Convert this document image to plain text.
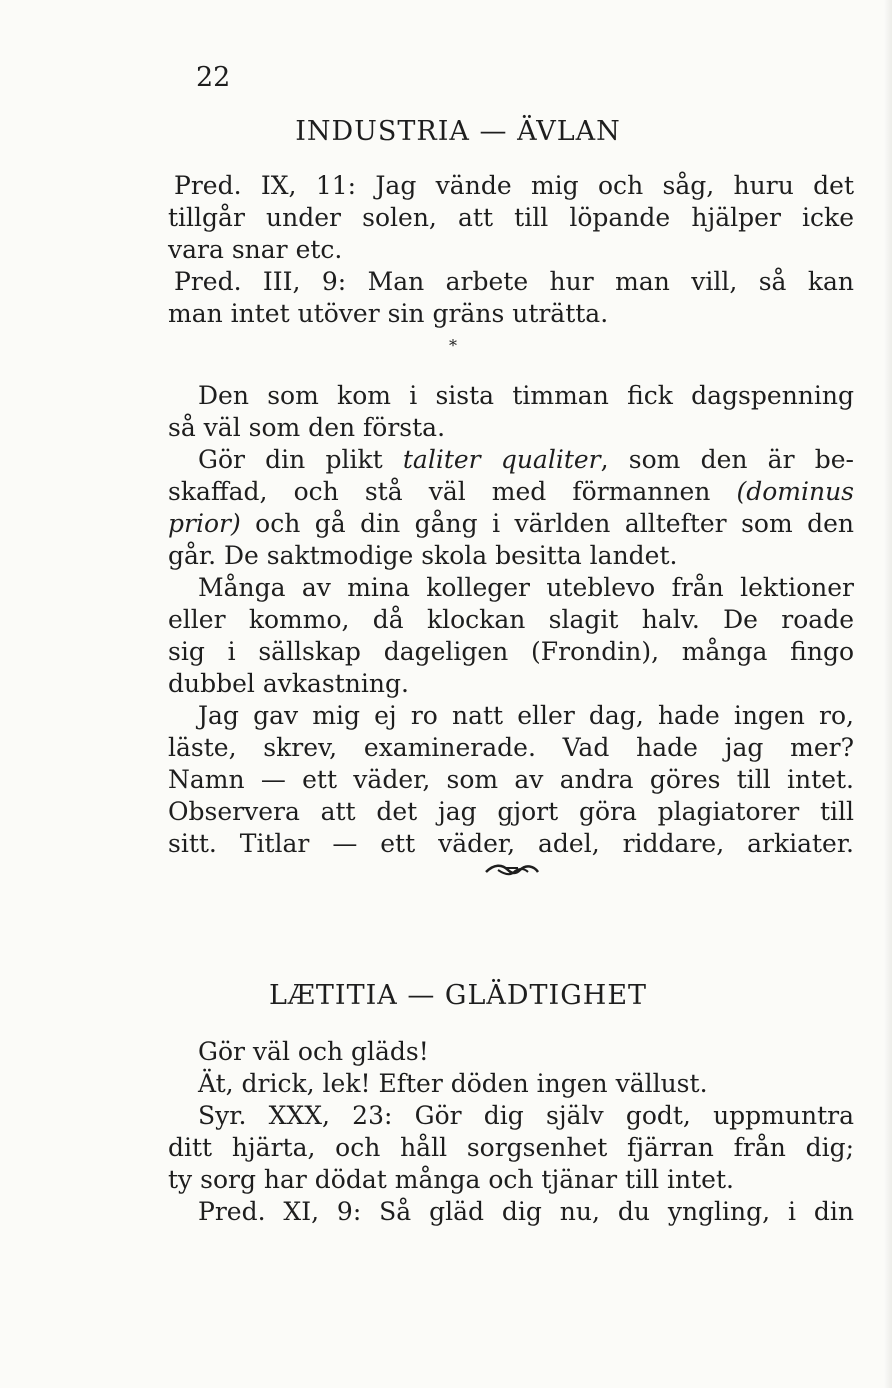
22
INDUSTRIA — ÄVLAN
Pred. IX, 11: Jag vände mig och såg, huru det
tillgår under solen, att till löpande hjälper icke
vara snar etc.
Pred. III, 9: Man arbete hur man vill, så kan
man intet utöver sin gräns uträtta.
*
Den som kom i sista timman fick dagspenning
så väl som den första.
Gör din plikt taliter qualiter, som den är be-
skaffad, och stå väl med förmannen (dominus
prior) och gå din gång i världen alltefter som den
går. De saktmodige skola besitta landet.
Många av mina kolleger uteblevo från lektioner
eller kommo, då klockan slagit halv. De roade
sig i sällskap dageligen (Frondin), många fingo
dubbel avkastning.
Jag gav mig ej ro natt eller dag, hade ingen ro,
läste, skrev, examinerade. Vad hade jag mer?
Namn — ett väder, som av andra göres till intet.
Observera att det jag gjort göra plagiatorer till
sitt. Titlar — ett väder, adel, riddare, arkiater.
LÆTITIA — GLÄDTIGHET
Gör väl och gläds!
Ät, drick, lek! Efter döden ingen vällust.
Syr. XXX, 23: Gör dig själv godt, uppmuntra
ditt hjärta, och håll sorgsenhet fjärran från dig;
ty sorg har dödat många och tjänar till intet.
Pred. XI, 9: Så gläd dig nu, du yngling, i din
